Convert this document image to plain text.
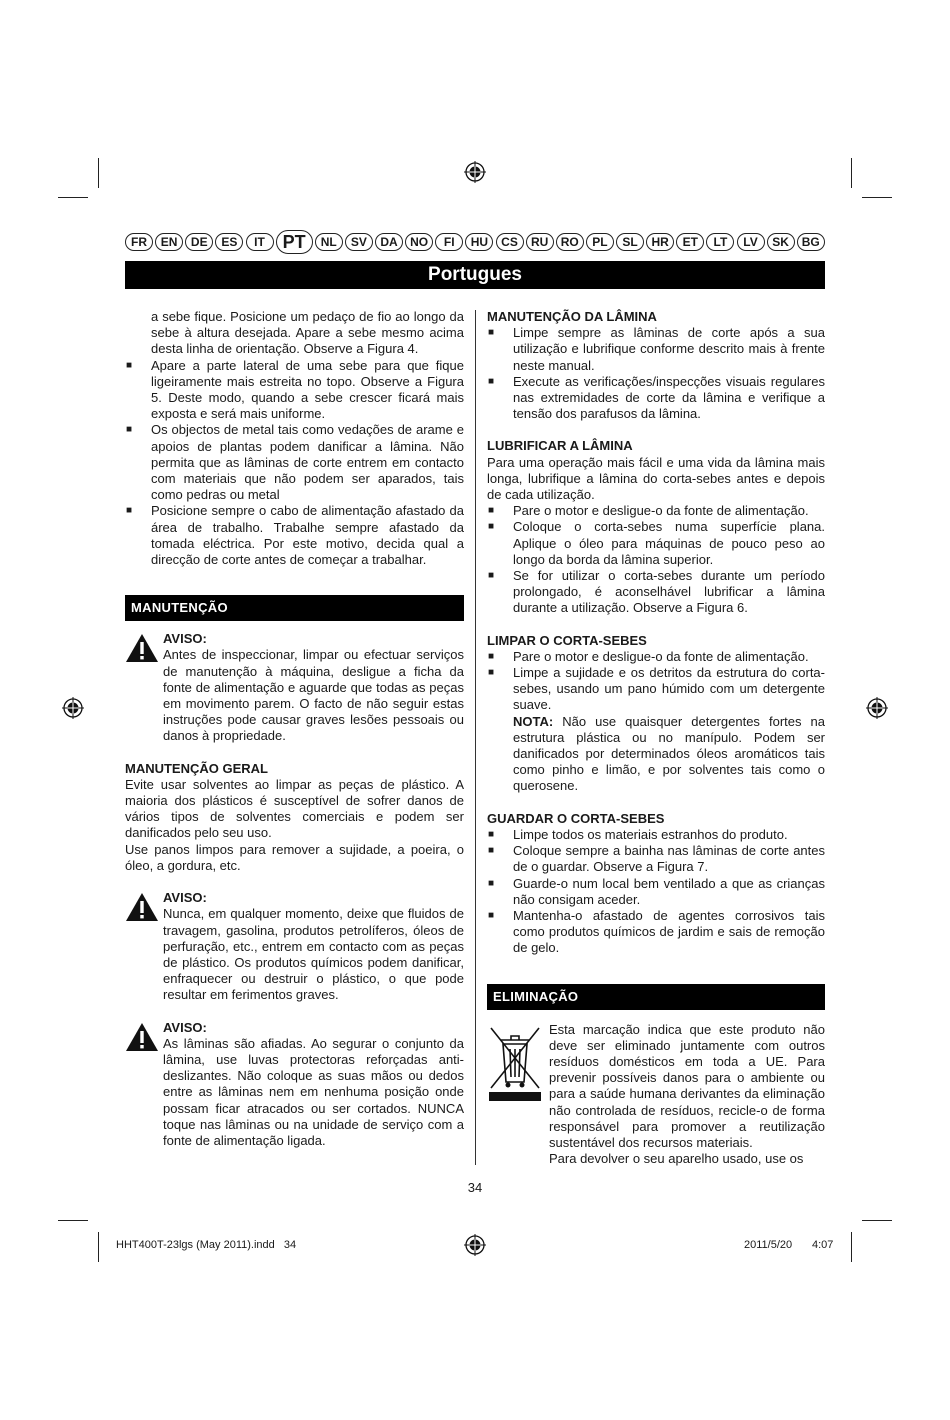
FR	EN	DE	ES	IT PT	NL	SV	DA	NO	FI	HU	CS	RU	RO	PL	SL	HR	ET	LT	LV	SK	BG
Portugues

a sebe fique. Posicione um pedaço de fio ao longo da sebe à altura desejada. Apare a sebe mesmo acima desta linha de orientação. Observe a Figura 4.

■ Apare a parte lateral de uma sebe para que fique ligeiramente mais estreita no topo. Observe a Figura 5. Deste modo, quando a sebe crescer ficará mais exposta e será mais uniforme.
■ Os objectos de metal tais como vedações de arame e apoios de plantas podem danificar a lâmina. Não permita que as lâminas de corte entrem em contacto com materiais que não podem ser aparados, tais como pedras ou metal
■ Posicione sempre o cabo de alimentação afastado da área de trabalho. Trabalhe sempre afastado da tomada eléctrica. Por este motivo, decida qual a direcção de corte antes de começar a trabalhar.
MANUTENÇÃO

AVISO:

Antes de inspeccionar, limpar ou efectuar serviços de manutenção à máquina, desligue a ficha da fonte de alimentação e aguarde que todas as peças em movimento parem. O facto de não seguir estas instruções pode causar graves lesões pessoais ou danos à propriedade.

MANUTENÇÃO GERAL

Evite usar solventes ao limpar as peças de plástico. A maioria dos plásticos é susceptível de sofrer danos de vários tipos de solventes comerciais e podem ser danificados pelo seu uso.

Use panos limpos para remover a sujidade, a poeira, o óleo, a gordura, etc.

AVISO:

Nunca, em qualquer momento, deixe que fluidos de travagem, gasolina, produtos petrolíferos, óleos de perfuração, etc., entrem em contacto com as peças de plástico. Os produtos químicos podem danificar, enfraquecer ou destruir o plástico, o que pode resultar em ferimentos graves.

AVISO:

As lâminas são afiadas. Ao segurar o conjunto da lâmina, use luvas protectoras reforçadas anti-deslizantes. Não coloque as suas mãos ou dedos entre as lâminas nem em nenhuma posição onde possam ficar atracados ou ser cortados. NUNCA toque nas lâminas ou na unidade de serviço com a fonte de alimentação ligada.

MANUTENÇÃO DA LÂMINA

■ Limpe sempre as lâminas de corte após a sua utilização e lubrifique conforme descrito mais à frente neste manual.
■ Execute as verificações/inspecções visuais regulares nas extremidades de corte da lâmina e verifique a tensão dos parafusos da lâmina.

LUBRIFICAR A LÂMINA

Para uma operação mais fácil e uma vida da lâmina mais longa, lubrifique a lâmina do corta-sebes antes e depois de cada utilização.

■ Pare o motor e desligue-o da fonte de alimentação.
■ Coloque o corta-sebes numa superfície plana. Aplique o óleo para máquinas de pouco peso ao longo da borda da lâmina superior.
■ Se for utilizar o corta-sebes durante um período prolongado, é aconselhável lubrificar a lâmina durante a utilização. Observe a Figura 6.

LIMPAR O CORTA-SEBES

■ Pare o motor e desligue-o da fonte de alimentação.
■ Limpe a sujidade e os detritos da estrutura do corta-sebes, usando um pano húmido com um detergente suave.

NOTA: Não use quaisquer detergentes fortes na estrutura plástica ou no manípulo. Podem ser danificados por determinados óleos aromáticos tais como pinho e limão, e por solventes tais como o querosene.

GUARDAR O CORTA-SEBES

■ Limpe todos os materiais estranhos do produto.
■ Coloque sempre a bainha nas lâminas de corte antes de o guardar. Observe a Figura 7.
■ Guarde-o num local bem ventilado a que as crianças não consigam aceder.
■ Mantenha-o afastado de agentes corrosivos tais como produtos químicos de jardim e sais de remoção de gelo.
ELIMINAÇÃO

Esta marcação indica que este produto não deve ser eliminado juntamente com outros resíduos domésticos em toda a UE. Para prevenir possíveis danos para o ambiente ou para a saúde humana derivantes da eliminação não controlada de resíduos, recicle-o de forma responsável para promover a reutilização sustentável dos recursos materiais.

Para devolver o seu aparelho usado, use os

34
HHT400T-23lgs (May 2011).indd   34	2011/5/20 4:07
